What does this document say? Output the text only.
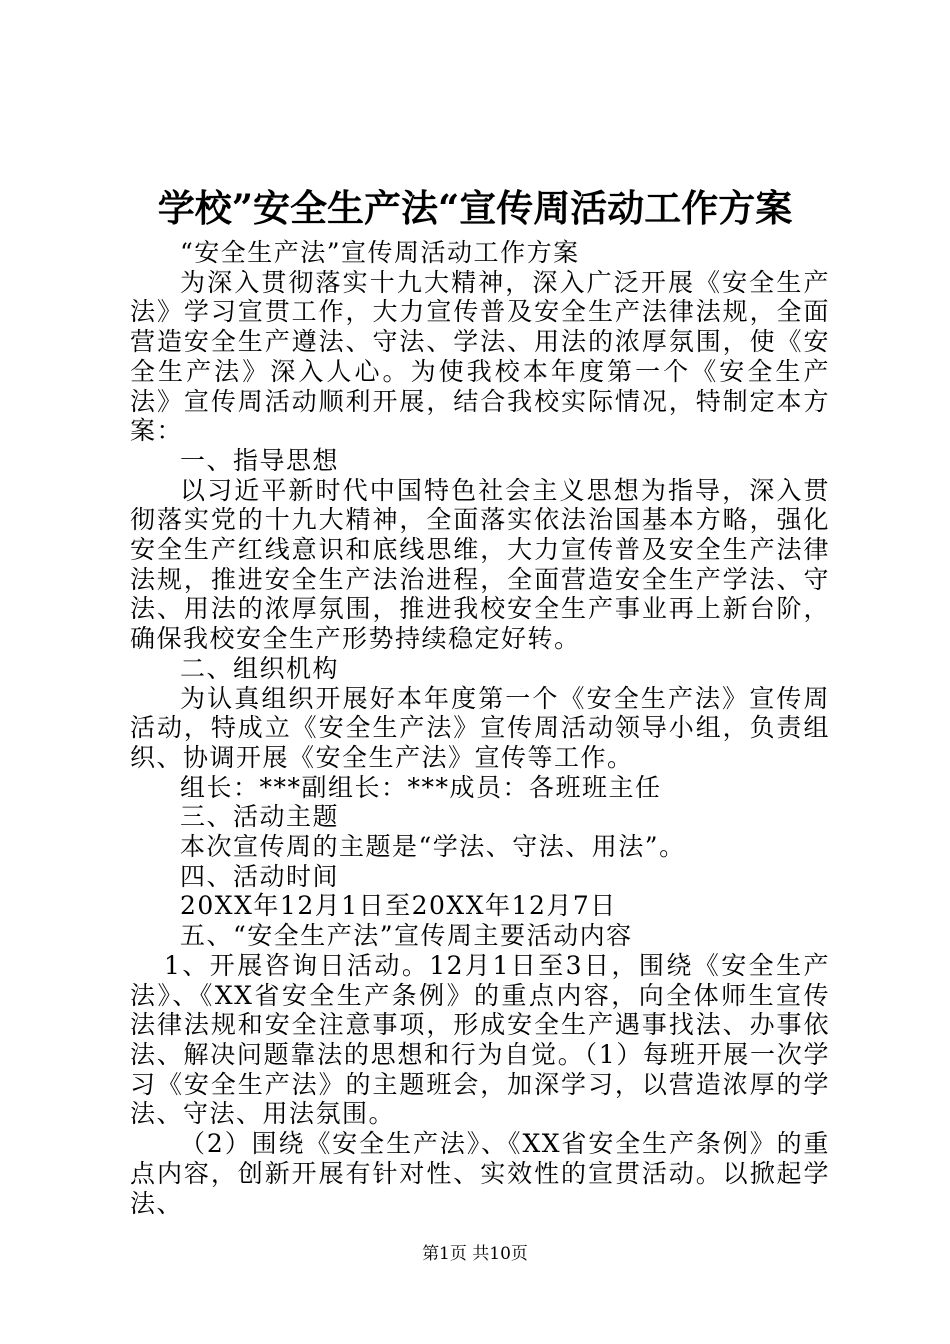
学校”安全生产法“宣传周活动工作方案

“安全生产法”宣传周活动工作方案

为深入贯彻落实十九大精神，深入广泛开展《安全生产法》学习宣贯工作，大力宣传普及安全生产法律法规，全面营造安全生产遵法、守法、学法、用法的浓厚氛围，使《安全生产法》深入人心。为使我校本年度第一个《安全生产法》宣传周活动顺利开展，结合我校实际情况，特制定本方案：

一、指导思想

以习近平新时代中国特色社会主义思想为指导，深入贯彻落实党的十九大精神，全面落实依法治国基本方略，强化安全生产红线意识和底线思维，大力宣传普及安全生产法律法规，推进安全生产法治进程，全面营造安全生产学法、守法、用法的浓厚氛围，推进我校安全生产事业再上新台阶，确保我校安全生产形势持续稳定好转。

二、组织机构

为认真组织开展好本年度第一个《安全生产法》宣传周活动，特成立《安全生产法》宣传周活动领导小组，负责组织、协调开展《安全生产法》宣传等工作。

组长：***副组长：***成员：各班班主任

三、活动主题

本次宣传周的主题是“学法、守法、用法”。

四、活动时间

20XX年12月1日至20XX年12月7日

五、“安全生产法”宣传周主要活动内容

1、开展咨询日活动。12月1日至3日，围绕《安全生产法》、《XX省安全生产条例》的重点内容，向全体师生宣传法律法规和安全注意事项，形成安全生产遇事找法、办事依法、解决问题靠法的思想和行为自觉。（1）每班开展一次学习《安全生产法》的主题班会，加深学习，以营造浓厚的学法、守法、用法氛围。

（2）围绕《安全生产法》、《XX省安全生产条例》的重点内容，创新开展有针对性、实效性的宣贯活动。以掀起学法、

第1页 共10页
